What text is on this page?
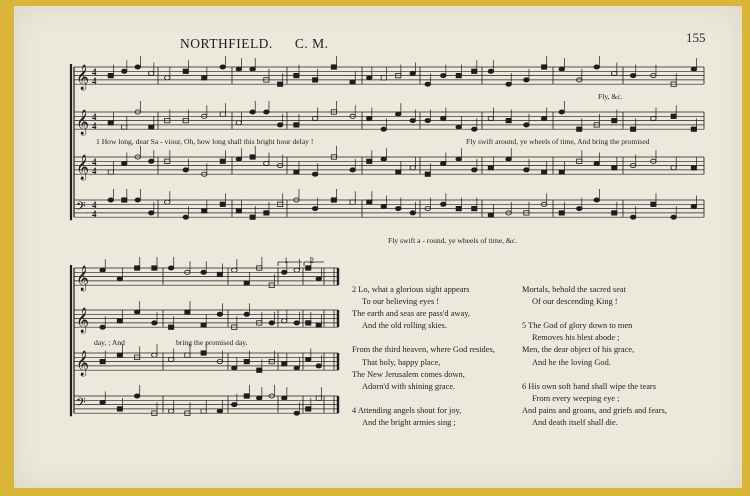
NORTHFIELD. C. M.	155
𝄞 4
4
𝄞 4
4
𝄞 4
4
𝄢 4
4
𝄞
𝄞
𝄞
𝄢
Fly, &c.
1 How long, dear Sa - viour, Oh, how long shall this bright hour delay !	Fly swift around, ye wheels of time, And bring the promised
Fly swift a - round, ye wheels of time, &c.
day, ; And	bring the promised day.
1	2
2 Lo, what a glorious sight appears
To our believing eyes !
The earth and seas are pass'd away,
And the old rolling skies.

From the third heaven, where God resides,
That holy, happy place,
The New Jerusalem comes down,
Adorn'd with shining grace.

4 Attending angels shout for joy,
And the bright armies sing ;
Mortals, behold the sacred seat
Of our descending King !

5 The God of glory down to men
Removes his blest abode ;
Men, the dear object of his grace,
And he the loving God.

6 His own soft hand shall wipe the tears
From every weeping eye ;
And pains and groans, and griefs and fears,
And death itself shall die.
